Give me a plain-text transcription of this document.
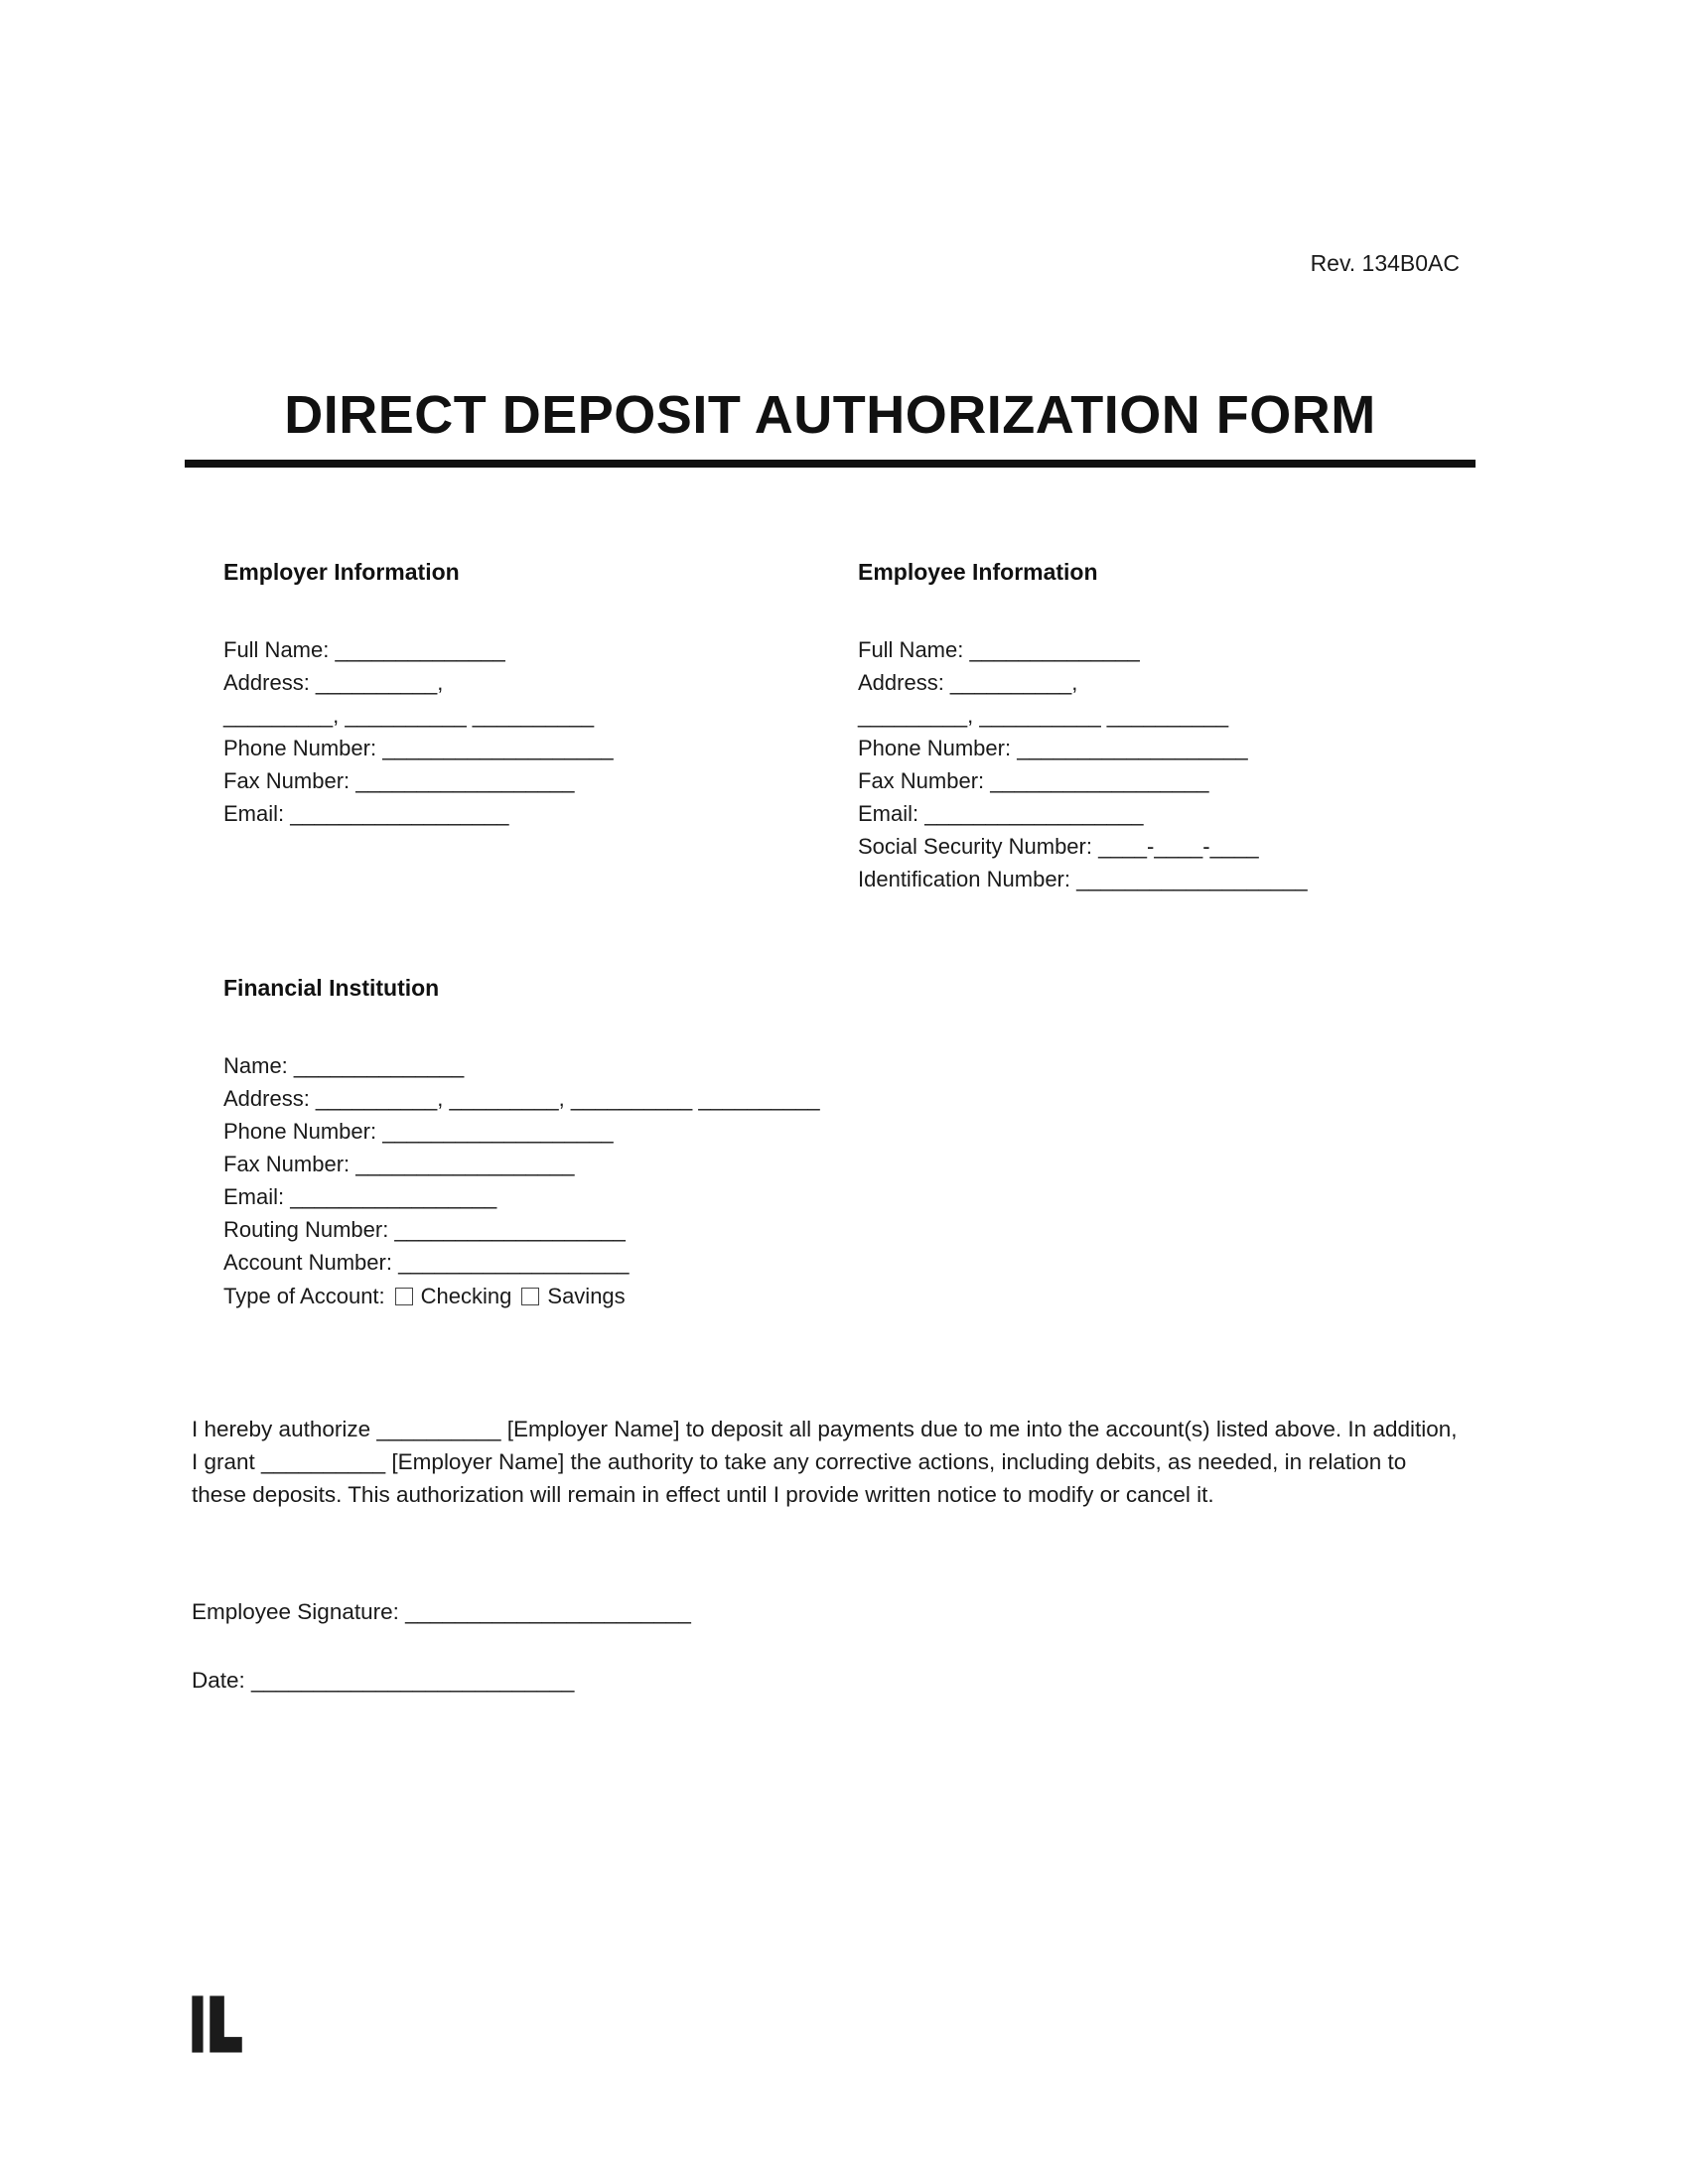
Rev. 134B0AC
DIRECT DEPOSIT AUTHORIZATION FORM
Employer Information
Full Name: ______________
Address: __________,
_________, __________ __________
Phone Number: ___________________
Fax Number: __________________
Email: __________________
Employee Information
Full Name: ______________
Address: __________,
_________, __________ __________
Phone Number: ___________________
Fax Number: __________________
Email: __________________
Social Security Number: ____-____-____
Identification Number: ___________________
Financial Institution
Name: ______________
Address: __________, _________, __________ __________
Phone Number: ___________________
Fax Number: __________________
Email: _________________
Routing Number: ___________________
Account Number: ___________________
Type of Account: Checking Savings

I hereby authorize __________ [Employer Name] to deposit all payments due to me into the account(s) listed above. In addition, I grant __________ [Employer Name] the authority to take any corrective actions, including debits, as needed, in relation to these deposits. This authorization will remain in effect until I provide written notice to modify or cancel it.

Employee Signature: _______________________
Date: __________________________
